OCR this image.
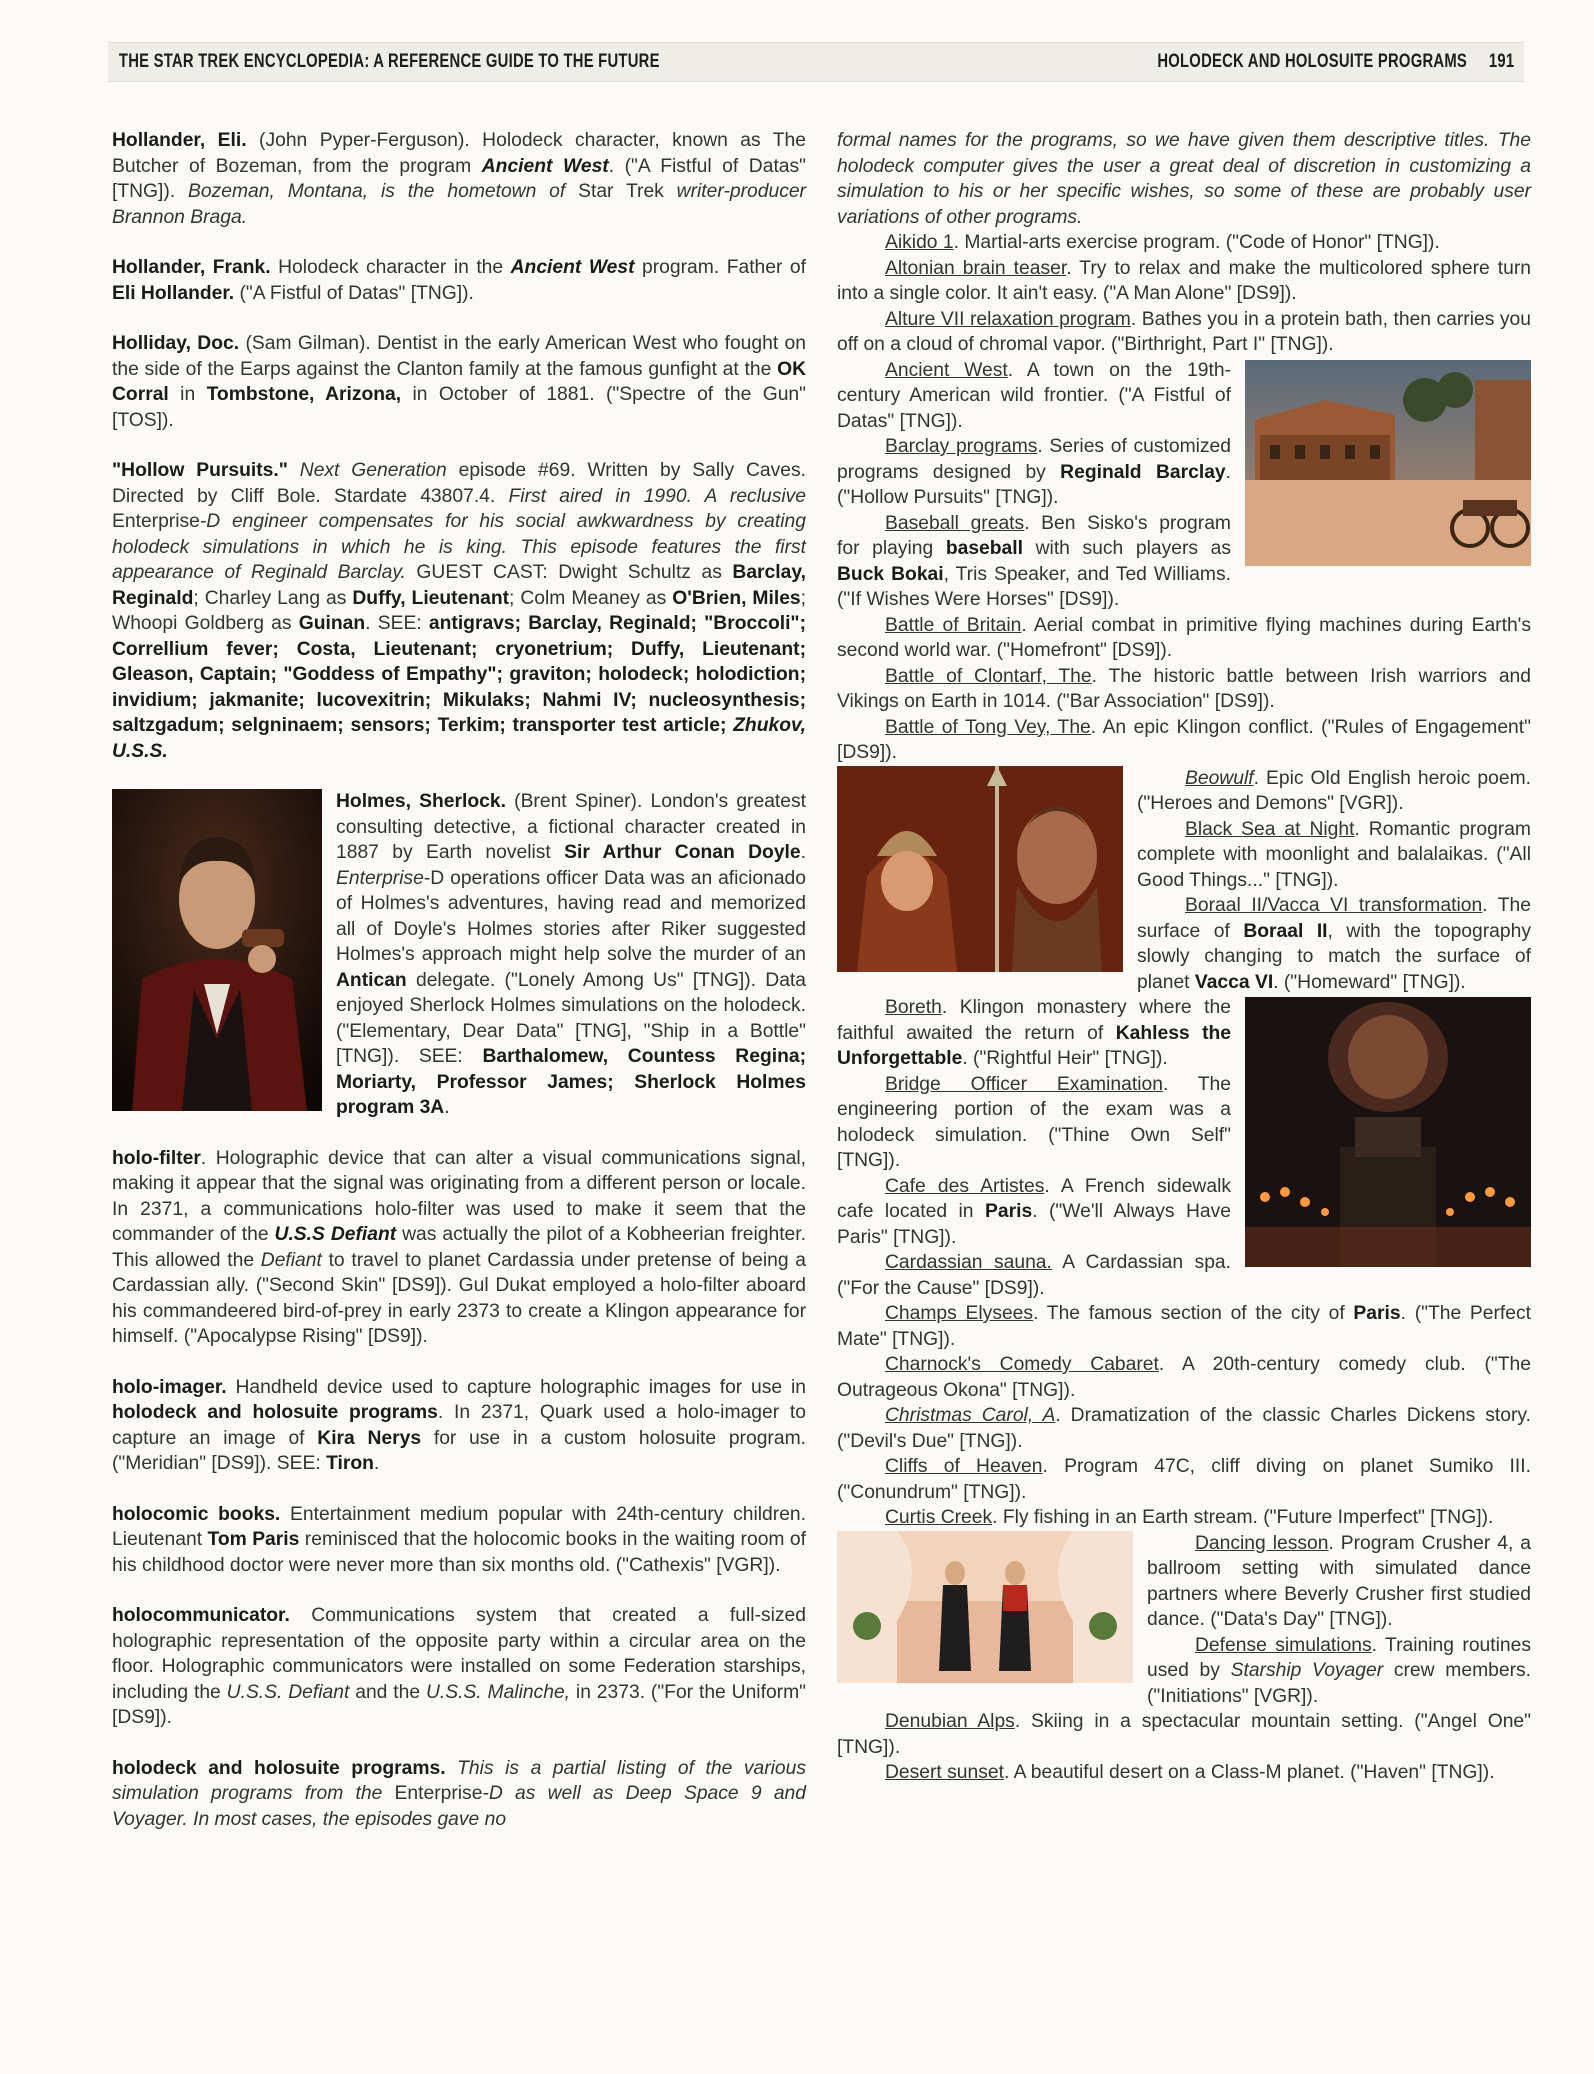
THE STAR TREK ENCYCLOPEDIA: A REFERENCE GUIDE TO THE FUTURE	HOLODECK AND HOLOSUITE PROGRAMS 191

Hollander, Eli. (John Pyper-Ferguson). Holodeck character, known as The Butcher of Bozeman, from the program Ancient West. ("A Fistful of Datas" [TNG]). Bozeman, Montana, is the hometown of Star Trek writer-producer Brannon Braga.

Hollander, Frank. Holodeck character in the Ancient West program. Father of Eli Hollander. ("A Fistful of Datas" [TNG]).

Holliday, Doc. (Sam Gilman). Dentist in the early American West who fought on the side of the Earps against the Clanton family at the famous gunfight at the OK Corral in Tombstone, Arizona, in October of 1881. ("Spectre of the Gun" [TOS]).

"Hollow Pursuits." Next Generation episode #69. Written by Sally Caves. Directed by Cliff Bole. Stardate 43807.4. First aired in 1990. A reclusive Enterprise-D engineer compensates for his social awkwardness by creating holodeck simulations in which he is king. This episode features the first appearance of Reginald Barclay. GUEST CAST: Dwight Schultz as Barclay, Reginald; Charley Lang as Duffy, Lieutenant; Colm Meaney as O'Brien, Miles; Whoopi Goldberg as Guinan. SEE: antigravs; Barclay, Reginald; "Broccoli"; Correllium fever; Costa, Lieutenant; cryonetrium; Duffy, Lieutenant; Gleason, Captain; "Goddess of Empathy"; graviton; holodeck; holodiction; invidium; jakmanite; lucovexitrin; Mikulaks; Nahmi IV; nucleosynthesis; saltzgadum; selgninaem; sensors; Terkim; transporter test article; Zhukov, U.S.S.

Holmes, Sherlock. (Brent Spiner). London's greatest consulting detective, a fictional character created in 1887 by Earth novelist Sir Arthur Conan Doyle. Enterprise-D operations officer Data was an aficionado of Holmes's adventures, having read and memorized all of Doyle's Holmes stories after Riker suggested Holmes's approach might help solve the murder of an Antican delegate. ("Lonely Among Us" [TNG]). Data enjoyed Sherlock Holmes simulations on the holodeck. ("Elementary, Dear Data" [TNG], "Ship in a Bottle" [TNG]). SEE: Barthalomew, Countess Regina; Moriarty, Professor James; Sherlock Holmes program 3A.

holo-filter. Holographic device that can alter a visual communications signal, making it appear that the signal was originating from a different person or locale. In 2371, a communications holo-filter was used to make it seem that the commander of the U.S.S Defiant was actually the pilot of a Kobheerian freighter. This allowed the Defiant to travel to planet Cardassia under pretense of being a Cardassian ally. ("Second Skin" [DS9]). Gul Dukat employed a holo-filter aboard his commandeered bird-of-prey in early 2373 to create a Klingon appearance for himself. ("Apocalypse Rising" [DS9]).

holo-imager. Handheld device used to capture holographic images for use in holodeck and holosuite programs. In 2371, Quark used a holo-imager to capture an image of Kira Nerys for use in a custom holosuite program. ("Meridian" [DS9]). SEE: Tiron.

holocomic books. Entertainment medium popular with 24th-century children. Lieutenant Tom Paris reminisced that the holocomic books in the waiting room of his childhood doctor were never more than six months old. ("Cathexis" [VGR]).

holocommunicator. Communications system that created a full-sized holographic representation of the opposite party within a circular area on the floor. Holographic communicators were installed on some Federation starships, including the U.S.S. Defiant and the U.S.S. Malinche, in 2373. ("For the Uniform" [DS9]).

holodeck and holosuite programs. This is a partial listing of the various simulation programs from the Enterprise-D as well as Deep Space 9 and Voyager. In most cases, the episodes gave no

formal names for the programs, so we have given them descriptive titles. The holodeck computer gives the user a great deal of discretion in customizing a simulation to his or her specific wishes, so some of these are probably user variations of other programs.

Aikido 1. Martial-arts exercise program. ("Code of Honor" [TNG]).

Altonian brain teaser. Try to relax and make the multicolored sphere turn into a single color. It ain't easy. ("A Man Alone" [DS9]).

Alture VII relaxation program. Bathes you in a protein bath, then carries you off on a cloud of chromal vapor. ("Birthright, Part I" [TNG]).

Ancient West. A town on the 19th-century American wild frontier. ("A Fistful of Datas" [TNG]).

Barclay programs. Series of customized programs designed by Reginald Barclay. ("Hollow Pursuits" [TNG]).

Baseball greats. Ben Sisko's program for playing baseball with such players as Buck Bokai, Tris Speaker, and Ted Williams. ("If Wishes Were Horses" [DS9]).

Battle of Britain. Aerial combat in primitive flying machines during Earth's second world war. ("Homefront" [DS9]).

Battle of Clontarf, The. The historic battle between Irish warriors and Vikings on Earth in 1014. ("Bar Association" [DS9]).

Battle of Tong Vey, The. An epic Klingon conflict. ("Rules of Engagement" [DS9]).

Beowulf. Epic Old English heroic poem. ("Heroes and Demons" [VGR]).

Black Sea at Night. Romantic program complete with moonlight and balalaikas. ("All Good Things..." [TNG]).

Boraal II/Vacca VI transformation. The surface of Boraal II, with the topography slowly changing to match the surface of planet Vacca VI. ("Homeward" [TNG]).

Boreth. Klingon monastery where the faithful awaited the return of Kahless the Unforgettable. ("Rightful Heir" [TNG]).

Bridge Officer Examination. The engineering portion of the exam was a holodeck simulation. ("Thine Own Self" [TNG]).

Cafe des Artistes. A French sidewalk cafe located in Paris. ("We'll Always Have Paris" [TNG]).

Cardassian sauna. A Cardassian spa. ("For the Cause" [DS9]).

Champs Elysees. The famous section of the city of Paris. ("The Perfect Mate" [TNG]).

Charnock's Comedy Cabaret. A 20th-century comedy club. ("The Outrageous Okona" [TNG]).

Christmas Carol, A. Dramatization of the classic Charles Dickens story. ("Devil's Due" [TNG]).

Cliffs of Heaven. Program 47C, cliff diving on planet Sumiko III. ("Conundrum" [TNG]).

Curtis Creek. Fly fishing in an Earth stream. ("Future Imperfect" [TNG]).

Dancing lesson. Program Crusher 4, a ballroom setting with simulated dance partners where Beverly Crusher first studied dance. ("Data's Day" [TNG]).

Defense simulations. Training routines used by Starship Voyager crew members. ("Initiations" [VGR]).

Denubian Alps. Skiing in a spectacular mountain setting. ("Angel One" [TNG]).

Desert sunset. A beautiful desert on a Class-M planet. ("Haven" [TNG]).
